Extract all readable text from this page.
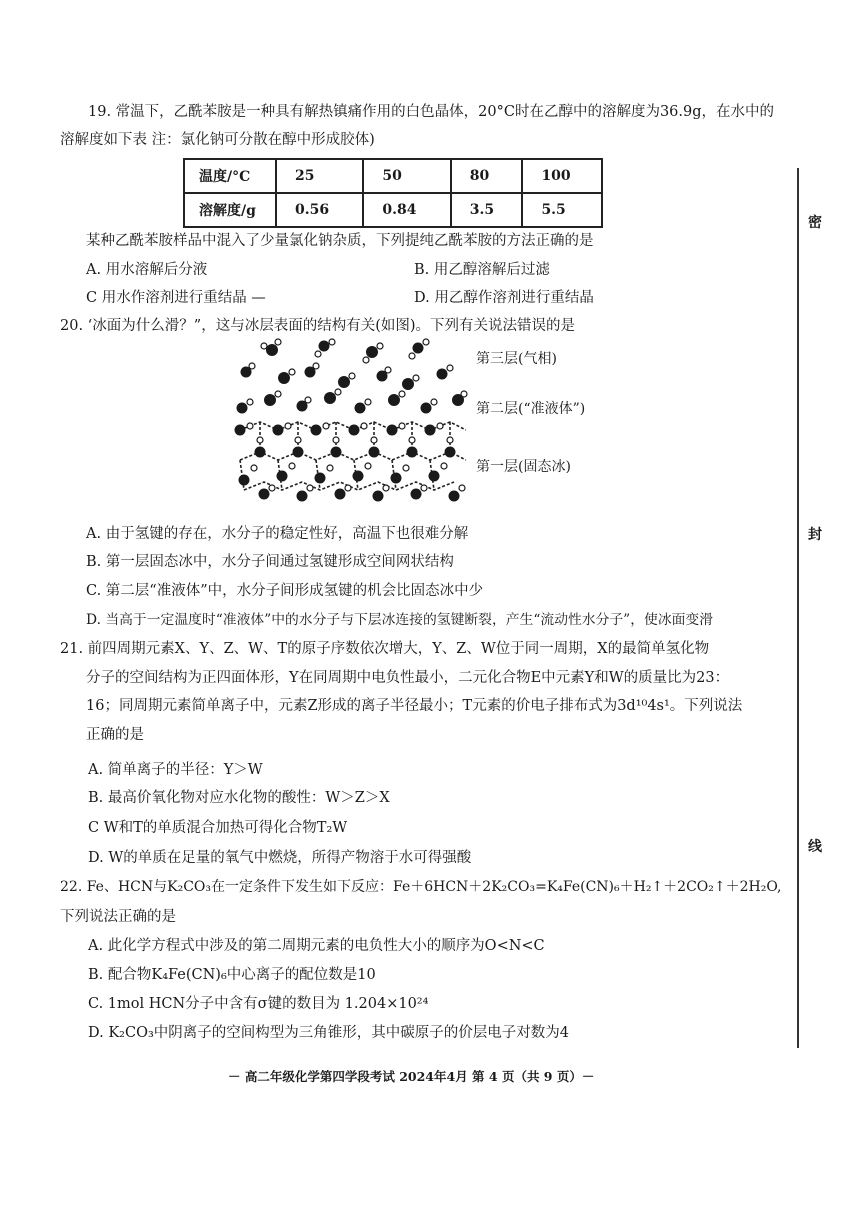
19. 常温下，乙酰苯胺是一种具有解热镇痛作用的白色晶体，20°C时在乙醇中的溶解度为36.9g，在水中的
溶解度如下表 注：氯化钠可分散在醇中形成胶体)
温度/°C	25	50	80	100
溶解度/g	0.56	0.84	3.5	5.5
某种乙酰苯胺样品中混入了少量氯化钠杂质，下列提纯乙酰苯胺的方法正确的是
A. 用水溶解后分液	B. 用乙醇溶解后过滤
C 用水作溶剂进行重结晶 —	D. 用乙醇作溶剂进行重结晶
20. ‘冰面为什么滑？”，这与冰层表面的结构有关(如图)。下列有关说法错误的是
第三层(气相)
第二层(“准液体”)
第一层(固态冰)
A. 由于氢键的存在，水分子的稳定性好，高温下也很难分解
B. 第一层固态冰中，水分子间通过氢键形成空间网状结构
C. 第二层“准液体”中，水分子间形成氢键的机会比固态冰中少
D. 当高于一定温度时“准液体”中的水分子与下层冰连接的氢键断裂，产生“流动性水分子”，使冰面变滑
21. 前四周期元素X、Y、Z、W、T的原子序数依次增大，Y、Z、W位于同一周期，X的最简单氢化物
分子的空间结构为正四面体形，Y在同周期中电负性最小，二元化合物E中元素Y和W的质量比为23：
16；同周期元素简单离子中，元素Z形成的离子半径最小；T元素的价电子排布式为3d¹⁰4s¹。下列说法
正确的是
A. 简单离子的半径：Y＞W
B. 最高价氧化物对应水化物的酸性：W＞Z＞X
C W和T的单质混合加热可得化合物T₂W
D. W的单质在足量的氧气中燃烧，所得产物溶于水可得强酸
22. Fe、HCN与K₂CO₃在一定条件下发生如下反应：Fe＋6HCN＋2K₂CO₃=K₄Fe(CN)₆＋H₂↑＋2CO₂↑＋2H₂O,
下列说法正确的是
A. 此化学方程式中涉及的第二周期元素的电负性大小的顺序为O<N<C
B. 配合物K₄Fe(CN)₆中心离子的配位数是10
C. 1mol HCN分子中含有σ键的数目为 1.204×10²⁴
D. K₂CO₃中阴离子的空间构型为三角锥形，其中碳原子的价层电子对数为4
密
封
线
－ 高二年级化学第四学段考试 2024年4月 第 4 页（共 9 页）－
